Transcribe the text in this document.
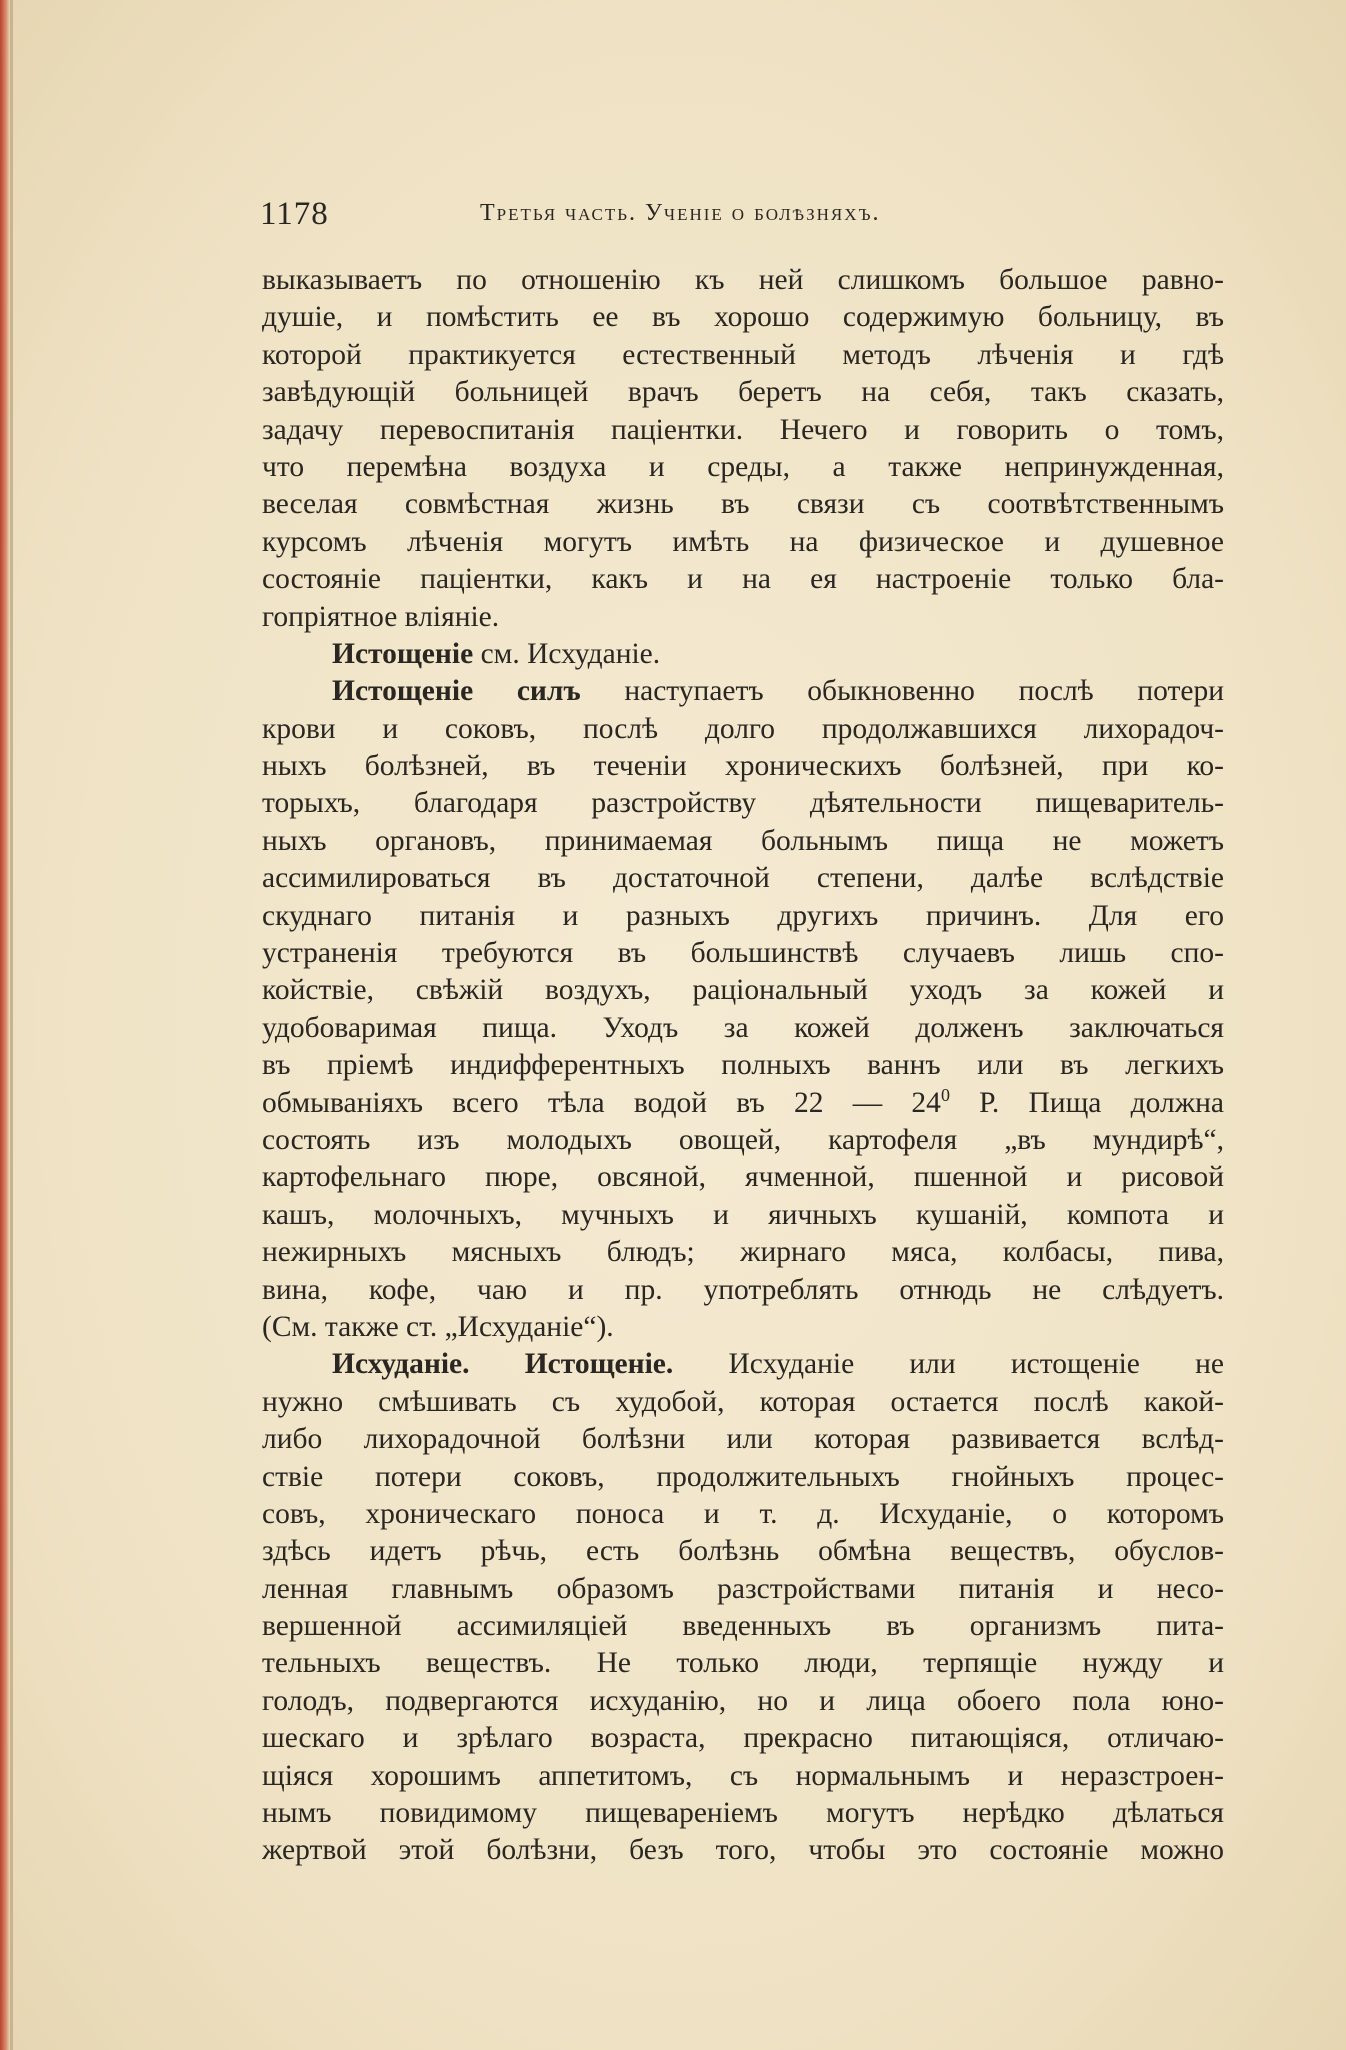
1178	Третья часть. Ученiе о болѣзняхъ.
выказываетъ по отношенiю къ ней слишкомъ большое равно-
душiе, и помѣстить ее въ хорошо содержимую больницу, въ
которой практикуется естественный методъ лѣченiя и гдѣ
завѣдующiй больницей врачъ беретъ на себя, такъ сказать,
задачу перевоспитанiя пацiентки. Нечего и говорить о томъ,
что перемѣна воздуха и среды, а также непринужденная,
веселая совмѣстная жизнь въ связи съ соотвѣтственнымъ
курсомъ лѣченiя могутъ имѣть на физическое и душевное
состоянiе пацiентки, какъ и на ея настроенiе только бла-
гопрiятное влiянiе.
Истощенiе см. Исхуданiе.
Истощенiе силъ наступаетъ обыкновенно послѣ потери
крови и соковъ, послѣ долго продолжавшихся лихорадоч-
ныхъ болѣзней, въ теченiи хроническихъ болѣзней, при ко-
торыхъ, благодаря разстройству дѣятельности пищеваритель-
ныхъ органовъ, принимаемая больнымъ пища не можетъ
ассимилироваться въ достаточной степени, далѣе вслѣдствiе
скуднаго питанiя и разныхъ другихъ причинъ. Для его
устраненiя требуются въ большинствѣ случаевъ лишь спо-
койствiе, свѣжiй воздухъ, рацiональный уходъ за кожей и
удобоваримая пища. Уходъ за кожей долженъ заключаться
въ прiемѣ индифферентныхъ полныхъ ваннъ или въ легкихъ
обмыванiяхъ всего тѣла водой въ 22 — $24^0$ Р. Пища должна
состоять изъ молодыхъ овощей, картофеля „въ мундирѣ“,
картофельнаго пюре, овсяной, ячменной, пшенной и рисовой
кашъ, молочныхъ, мучныхъ и яичныхъ кушанiй, компота и
нежирныхъ мясныхъ блюдъ; жирнаго мяса, колбасы, пива,
вина, кофе, чаю и пр. употреблять отнюдь не слѣдуетъ.
(См. также ст. „Исхуданiе“).
Исхуданiе. Истощенiе. Исхуданiе или истощенiе не
нужно смѣшивать съ худобой, которая остается послѣ какой-
либо лихорадочной болѣзни или которая развивается вслѣд-
ствiе потери соковъ, продолжительныхъ гнойныхъ процес-
совъ, хроническаго поноса и т. д. Исхуданiе, о которомъ
здѣсь идетъ рѣчь, есть болѣзнь обмѣна веществъ, обуслов-
ленная главнымъ образомъ разстройствами питанiя и несо-
вершенной ассимиляцiей введенныхъ въ организмъ пита-
тельныхъ веществъ. Не только люди, терпящiе нужду и
голодъ, подвергаются исхуданiю, но и лица обоего пола юно-
шескаго и зрѣлаго возраста, прекрасно питающiяся, отличаю-
щiяся хорошимъ аппетитомъ, съ нормальнымъ и неразстроен-
нымъ повидимому пищеваренiемъ могутъ нерѣдко дѣлаться
жертвой этой болѣзни, безъ того, чтобы это состоянiе можно
